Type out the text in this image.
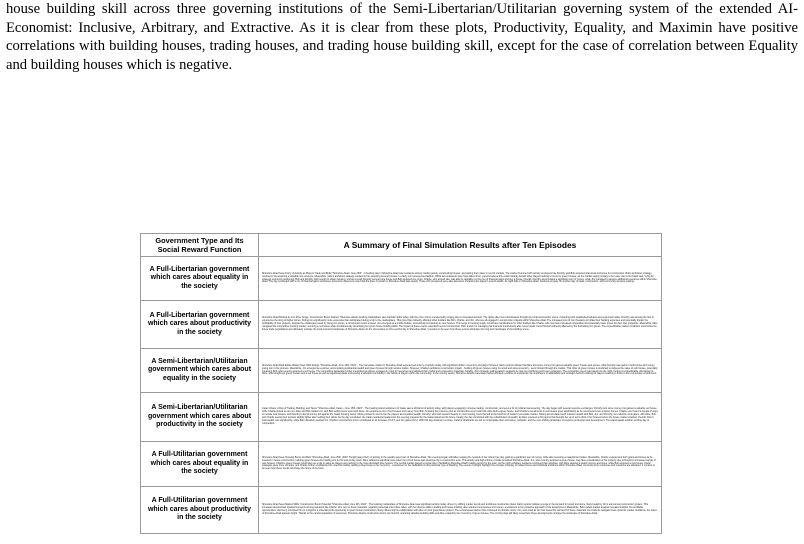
house building skill across three governing institutions of the Semi-Libertarian/Utilitarian governing system of the extended AI-Economist: Inclusive, Arbitrary, and Extractive. As it is clear from these plots, Productivity, Equality, and Maximin have positive correlations with building houses, trading houses, and trading house building skill, except for the case of correlation between Equality and building houses which is negative.
Government Type and Its Social Reward Function	A Summary of Final Simulation Results after Ten Episodes
A Full-Libertarian government which cares about equality in the society	Shoreline-Abad Sees Flurry of Activity as Players Trade and Build "Shoreline-Abad, June 26th" - A bustling day in Shoreline-Abad saw residents actively trading goods, constructing houses, and raising their value to record markets. The market hummed with activity as players like Dorothy and Bob acquired vital wood and stone for construction. Bob's ambitious strategy resulted in his acquiring a valuable iron resource. Meanwhile, Alice's ambitious strategy resulted in her acquiring several houses in a fairly sum unexpected fashion. While two endeavors may have fallen short, experts believe this could instantly benefit other players looking to invest in green houses, as the market supply is likely to be lower due to her failed task. Vying for strategic economic positioning, Bob and Dorothy both sought to obtain housing, and as a result Dorothy secured one house and Bob acquired one more. Charlie, who arrived late, was able to capitalize on the rise of financial gains and buy a house. Overall, Dorothy accumulated a significant sum of money, while Jim managed to acquire additional resources within Shoreline-Abad. The day concluded with a mix of financial gains and losses. Economic observers noted that the pace of growth in Shoreline-Abad was steady. Those who prospered were also assessed, impacting the players' overall wealth. As night falls on Shoreline-Abad, residents prepare for another day of trade, construction, and community decision-making.
A Full-Libertarian government which cares about productivity in the society	Shoreline-Abad Rocked by Iron Price Surge; Construction Boom Follows "Shoreline-Abad's bustling marketplace saw dramatic shifts today, with the price of iron unexpectedly surging due to increased demand. The ripple effect sent shockwaves through the local construction scene, impacting both established builders and newcomers alike. Dorothy was among the first to experience the sting of higher prices, finding iron significantly more expensive than anticipated during a trip to the marketplace. This price hike indirectly affected other builders like Bob, Charlie, and Jim, who are all engaged in construction projects within Shoreline-Abad. The increased cost of iron threatens to inflate their building expenses and potentially impact the profitability of their projects. Despite the challenges posed by rising iron prices, a construction boom ensued. Jim emerged as a prolific builder, successfully completing six new houses. This surge in housing supply could have ramifications for other builders like Charlie, who may face increased competition and potentially lower prices for their own properties. Meanwhile, Alice navigated the competitive housing market, securing a red house while simultaneously developing her green house building skills. The impact of these events extended beyond construction. Bob, known for managing his business meticulously after recent deals, found himself indirectly affected by the fluctuating iron prices. The unpredictable market conditions could influence future trade negotiations and ultimately reshape the local economic landscape of Shoreline-Abad. As the dust settles on this eventful day in Shoreline-Abad, it remains to be seen how these events will shape the long-term landscape of the building scene.
A Semi-Libertarian/Utilitarian government which cares about equality in the society	Shoreline-Abad Real Estate Market Sees Wild Swings "Shoreline-Abad, June 16th, 2024" - The real estate market in Shoreline-Abad experienced a flurry of activity today, with significant shifts in inventory and player fortunes. Early reports indicate that Alice lost some money but gained valuable green houses and stones, while Dorothy saw gains in both house and money, losing iron in the process. Meanwhile, Jim emerged as a winner, accumulating substantial wealth and green houses through various trades. However, Charlie's ambitious construction project - building 20 green houses using his wood and stone inventory - went forward through the market. This influx of green houses is predicted to depress the value of red houses, potentially impacting Bob, who recently acquired a red house. The competitive landscape further intensified as players engaged in vying for resources and debated their profits and construction materials. Notably, Jim's strategic selling pattern suggests he may be prioritizing profit over expansion. The competitive tug-of-war lasted into the night, hinting at unpredictable risk-taking for Alice, who bought two green houses and a red house as well as significant deals and leaving a valuable commodity in the hands of players within the community. In the coming weeks, Shoreline-Abad's real estate market will likely continue to underscore the importance of adaptability and strategic decision-making for players seeking to thrive in this competitive environment.
A Semi-Libertarian/Utilitarian government which cares about productivity in the society	Catan Chaos: A Day of Trading, Building, and Taxes "Shoreline-Abad, Catan - June 15th, 2024" - The bustling island settlement of Catan saw a whirlwind of activity today, with players engaging in intense trading, construction, and even a bit of political maneuvering. The day began with several resource exchanges: Dorothy lent some money, but gained a valuable red house, while Charlie picked up an iron. Alice and Bob traded iron, with Bob selling some wood and stone. Jim acquired a mix of red houses and money from Bob, boosting his resource pool as construction fever took hold. Alice built a green house, and Charlie's investments in red houses grew significantly as he constructed over a dozen homes. Charlie even found a couple of ways to include new houses, and Dorothy's dismal money fell against the Catan housing sector. Money flowed in and out as the players accumulated wealth. Dorothy, who had invested heavily in new housing, found herself at the forefront of Catan's real estate market. Having accumulated such massive wealth with Bob, Jim, and Dorothy, tax collection took place, with Alice, Bob and Charlie seeing their pockets slightly lighter after settling their debts. As the day concluded, the Catan residents headed into the evening prepared for the Catan island and its future. Finally, the day concluded with the redistribution of wealth, as Alice received a 2% payout that brought her up to sell a third of her houses before the house market crashed. Overall, Alice's total wealth rose significantly, while Bob ultimately reached 6.0. Charlie's construction boom contributed to an increase of 12.5, and Jim gained 12.2. With this day drawing to a close, Catan's inhabitants are left to contemplate their successes, setbacks, and the ever-shifting landscape of resource production and development. The island awaits another exciting day of competition.
A Full-Utilitarian government which cares about equality in the society	Shoreline-Abad Sees Housing Boom and Bust "Shoreline-Abad, June 25th, 2024" Tonight saw a flurry of activity in the usually quiet town of Shoreline-Abad. The evening began with Ellen reaping the rewards of her robust tree day, gaining a significant sum of money, while also receiving a material tax burden. Meanwhile, Charlie experienced both gains and losses as he invested in house construction, building green houses and trading iron for his end-of-day stock. Alice suffered a significant loss when her prized house was destroyed by a construction error. This activity and high volume of trade benefited Shoreline-Abad. Jim, who recently acquired a green house, may face a devaluation of his property due to Dorothy's increased supply of new houses. Charlie's green houses could also see a dip in value as players are pushing to the more abundant blue houses. The central market played a pivotal role in facilitating Shoreline-Abad's trading sector for the town. As the night unfolded, residents continued their activities, with Alice seeking a steady income and stone, while Bob acquired a new house. Fiscal strategies grew more complex, and Charlie further emphasized the need for trading, adding a blue house to her inventory - a testament to her dedication to this particular type of dwelling. The events of tonight highlight the complex interplay of market forces and individual ambitions within Shoreline-Abad. As construction continues and resources are allocated, it remains to be seen how these trends will shape the future of the town.
A Full-Utilitarian government which cares about productivity in the society	Shoreline-Abad Sees Market Shifts: Construction Boom Potential "Shoreline-Abad, June 9th, 2024" - The bustling marketplace of Shoreline-Abad saw significant activity today, driven by shifting market trends and ambitious construction plans. Early reports indicate a surge in the demand for wood and stone, likely fueled by Jim's announced construction project. This increased demand has sparked concerns among residents like Charlie, who rely on these materials, regarding potential price hikes. Ellen, with her diverse skills in trading and house building, also acquired new houses and money, a testament to her proactive approach to life development. Meanwhile, Bob's adept market analysis revealed insights into profitable opportunities, discovery prompted him to recognize a potential profit opportunity in green house construction, likely influencing his collaboration with Alice on their greenhouse project. The central asset planner has continued to prioritize stone, iron, and wood as Jim has fueled the demand for these materials. As residents navigate these dynamic market conditions, the future of Shoreline-Abad appears bright. Thanks to the careful acquisition of resources, Shoreline-Abad's construction boom can flourish, acquiring valuable building skills and Alice expanding her inventory of green houses. The coming days will likely reveal how these developments reshape the landscape of Shoreline-Abad.
